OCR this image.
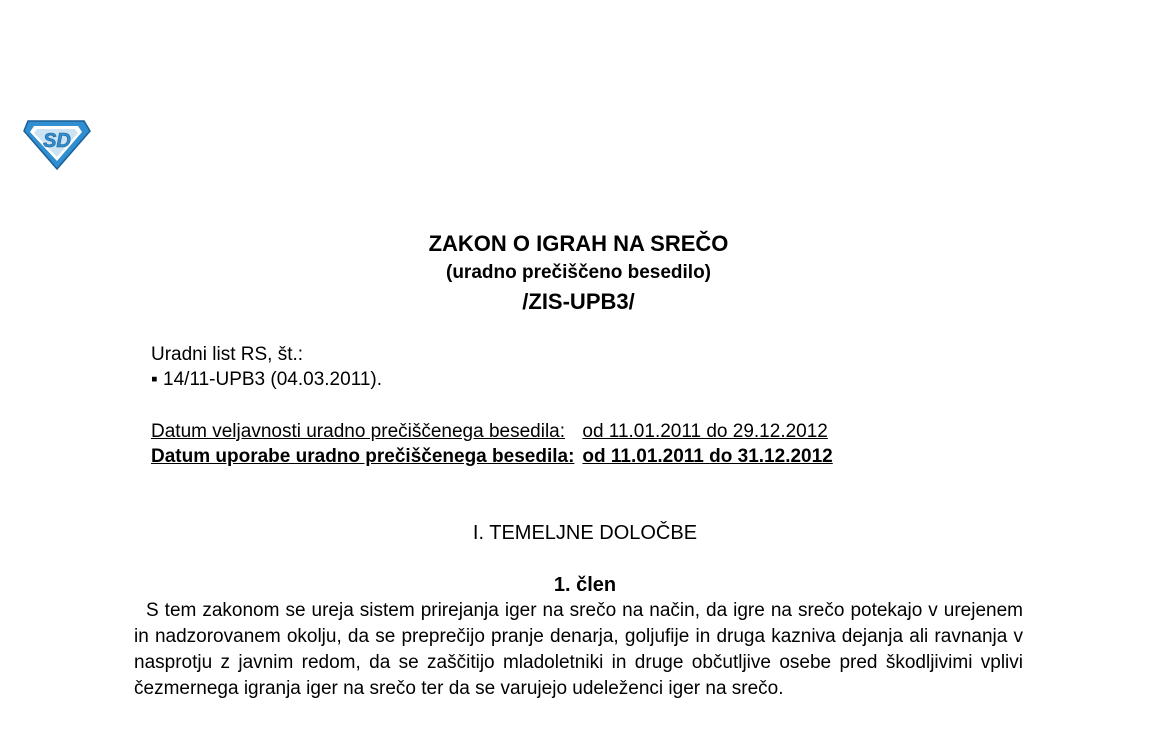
SD
ZAKON O IGRAH NA SREČO
(uradno prečiščeno besedilo)
/ZIS-UPB3/
Uradni list RS, št.:
▪ 14/11-UPB3 (04.03.2011).
Datum veljavnosti uradno prečiščenega besedila:	od 11.01.2011 do 29.12.2012
Datum uporabe uradno prečiščenega besedila:	od 11.01.2011 do 31.12.2012
I. TEMELJNE DOLOČBE
1. člen

S tem zakonom se ureja sistem prirejanja iger na srečo na način, da igre na srečo potekajo v urejenem in nadzorovanem okolju, da se preprečijo pranje denarja, goljufije in druga kazniva dejanja ali ravnanja v nasprotju z javnim redom, da se zaščitijo mladoletniki in druge občutljive osebe pred škodljivimi vplivi čezmernega igranja iger na srečo ter da se varujejo udeleženci iger na srečo.
